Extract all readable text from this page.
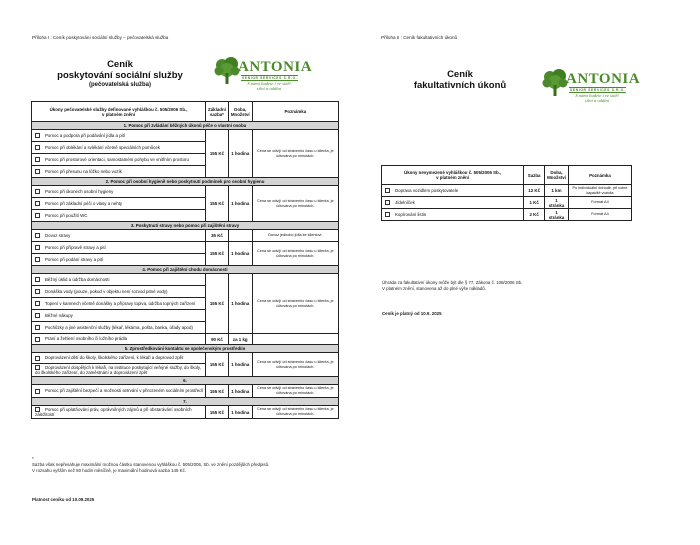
Příloha I : Ceník poskytování sociální služby – pečovatelská služba
Ceník
poskytování sociální služby
(pečovatelská služba)
ANTONIA
SENIOR SERVICES S.R.O.
S námi budete i ve stáří
silní a oddíní
Úkony pečovatelské služby definované vyhláškou č. 505/2006 Sb.,
v platném znění

Základní
sazba*

Doba,
Množství	Poznámka
1. Pomoc při zvládání běžných úkonů péče o vlastní osobu			
Pomoc a podpora při podávání jídla a pití	155 Kč	1 hodina	Cena se odvíjí od strávenho času u klienta, je účtována po minutách.
Pomoc při oblékání a svlékání včetně speciálních pomůcek			
Pomoc při prostorové orientaci, samostatném pohybu ve vnitřním prostoru			
Pomoc při přesunu na lůžko nebo vozík			
2. Pomoc při osobní hygieně nebo poskytnutí podmínek pro osobní hygienu			
Pomoc při úkonech osobní hygieny	155 Kč	1 hodina	Cena se odvíjí od strávenho času u klienta, je účtována po minutách.
Pomoc při základní péči o vlasy a nehty			
Pomoc při použití WC			
3. Poskytnutí stravy nebo pomoc při zajištění stravy			
Dovoz stravy	35 Kč		Dovoz jednoho jídla ke klientovi.
Pomoc při přípravě stravy a pití	155 Kč	1 hodina	Cena se odvíjí od strávenho času u klienta, je účtována po minutách.
Pomoc při podání stravy a pití			
4. Pomoc při zajištění chodu domácnosti			
Běžný úklid a údržba domácnosti	155 Kč	1 hodina	Cena se odvíjí od strávenho času u klienta, je účtována po minutách.
Donáška vody (pouze, pokud v objektu není rozvod pitné vody)			
Topení v kamnech včetně donášky a přípravy topiva, údržba topných zařízení			
Běžné nákupy			
Pochůzky a jiné asistenční služby (lékař, lékárna, pošta, banka, úřady apod)			
Praní a žehlení osobního či ložního prádla	90 Kč	za 1 kg	
5. Zprostředkování kontaktu se společenským prostředím			
Doprovázení dětí do školy, školského zařízení, k lékaři a doprovod zpět	155 Kč	1 hodina	Cena se odvíjí od strávenho času u klienta, je účtována po minutách.
Doprovázení dospělých k lékaři, na instituce poskytující veřejné služby, do školy, do školského zařízení, do zaměstnání a doprovázení zpět			
6.			
Pomoc při zajištění bezpečí a možnosti setrvání v přirozeném sociálním prostředí	155 Kč	1 hodina	Cena se odvíjí od strávenho času u klienta, je účtována po minutách.
7.			
Pomoc při uplatňování práv, oprávněných zájmů a při obstarávání osobních záležitostí	155 Kč	1 hodina	Cena se odvíjí od strávenho času u klienta, je účtována po minutách.
*
Sazba však nepřesahuje maximální možnou částku stanovenou vyhláškou č. 505/2006, Sb. ve znění pozdějších předpisů.
V rozsahu vyšším než 80 hodin měsíčně, je maximální hodinová sazba 145 Kč.
Platnost ceníku od 10.09.2025
Příloha II : Ceník fakultativních úkonů
Ceník
fakultativních úkonů	ANTONIA
SENIOR SERVICES S.R.O.
S námi budete i ve stáří
silní a oddíní
Úkony nevymezené vyhláškou č. 505/2006 Sb.,
v platném znění	Sazba	Doba,
Množství	Poznámka
Doprava vozidlem poskytovatele	12 Kč	1 km	Po individuální dohodě, při volné kapacitě vozidla
Jídelníček	1 Kč	1 stránka	Formát A4
Kopírování listin	2 Kč	1 stránka	Formát A4
Úhrada za fakultativní úkony může být dle § 77, Zákona č. 108/2006 Sb.
V platném znění, stanovena až do plné výše nákladů.
Ceník je platný od 10.9. 2025
